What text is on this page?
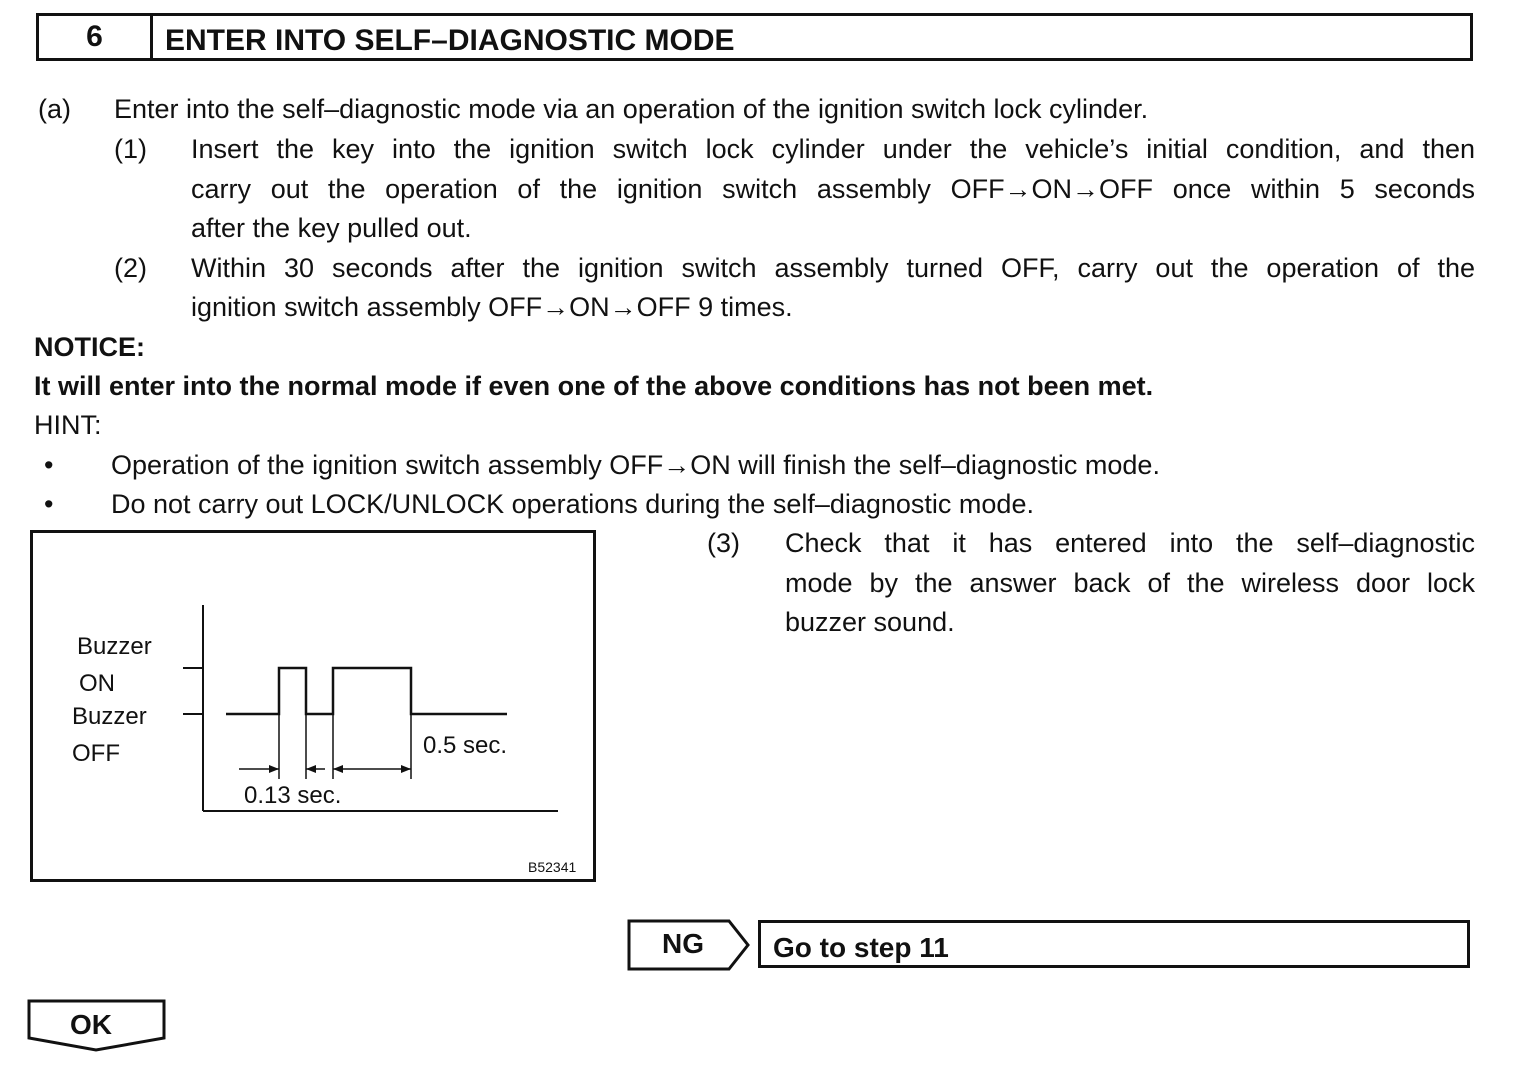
6	ENTER INTO SELF–DIAGNOSTIC MODE
(a) Enter into the self–diagnostic mode via an operation of the ignition switch lock cylinder.
(1) Insert the key into the ignition switch lock cylinder under the vehicle’s initial condition, and then
carry out the operation of the ignition switch assembly OFF→ON→OFF once within 5 seconds
after the key pulled out.
(2) Within 30 seconds after the ignition switch assembly turned OFF, carry out the operation of the
ignition switch assembly OFF→ON→OFF 9 times.
NOTICE:
It will enter into the normal mode if even one of the above conditions has not been met.
HINT:
• Operation of the ignition switch assembly OFF→ON will finish the self–diagnostic mode.
• Do not carry out LOCK/UNLOCK operations during the self–diagnostic mode.
Buzzer
ON
Buzzer
OFF	0.5 sec.
0.13 sec.
B52341
(3) Check that it has entered into the self–diagnostic
mode by the answer back of the wireless door lock
buzzer sound.
NG Go to step 11
OK
